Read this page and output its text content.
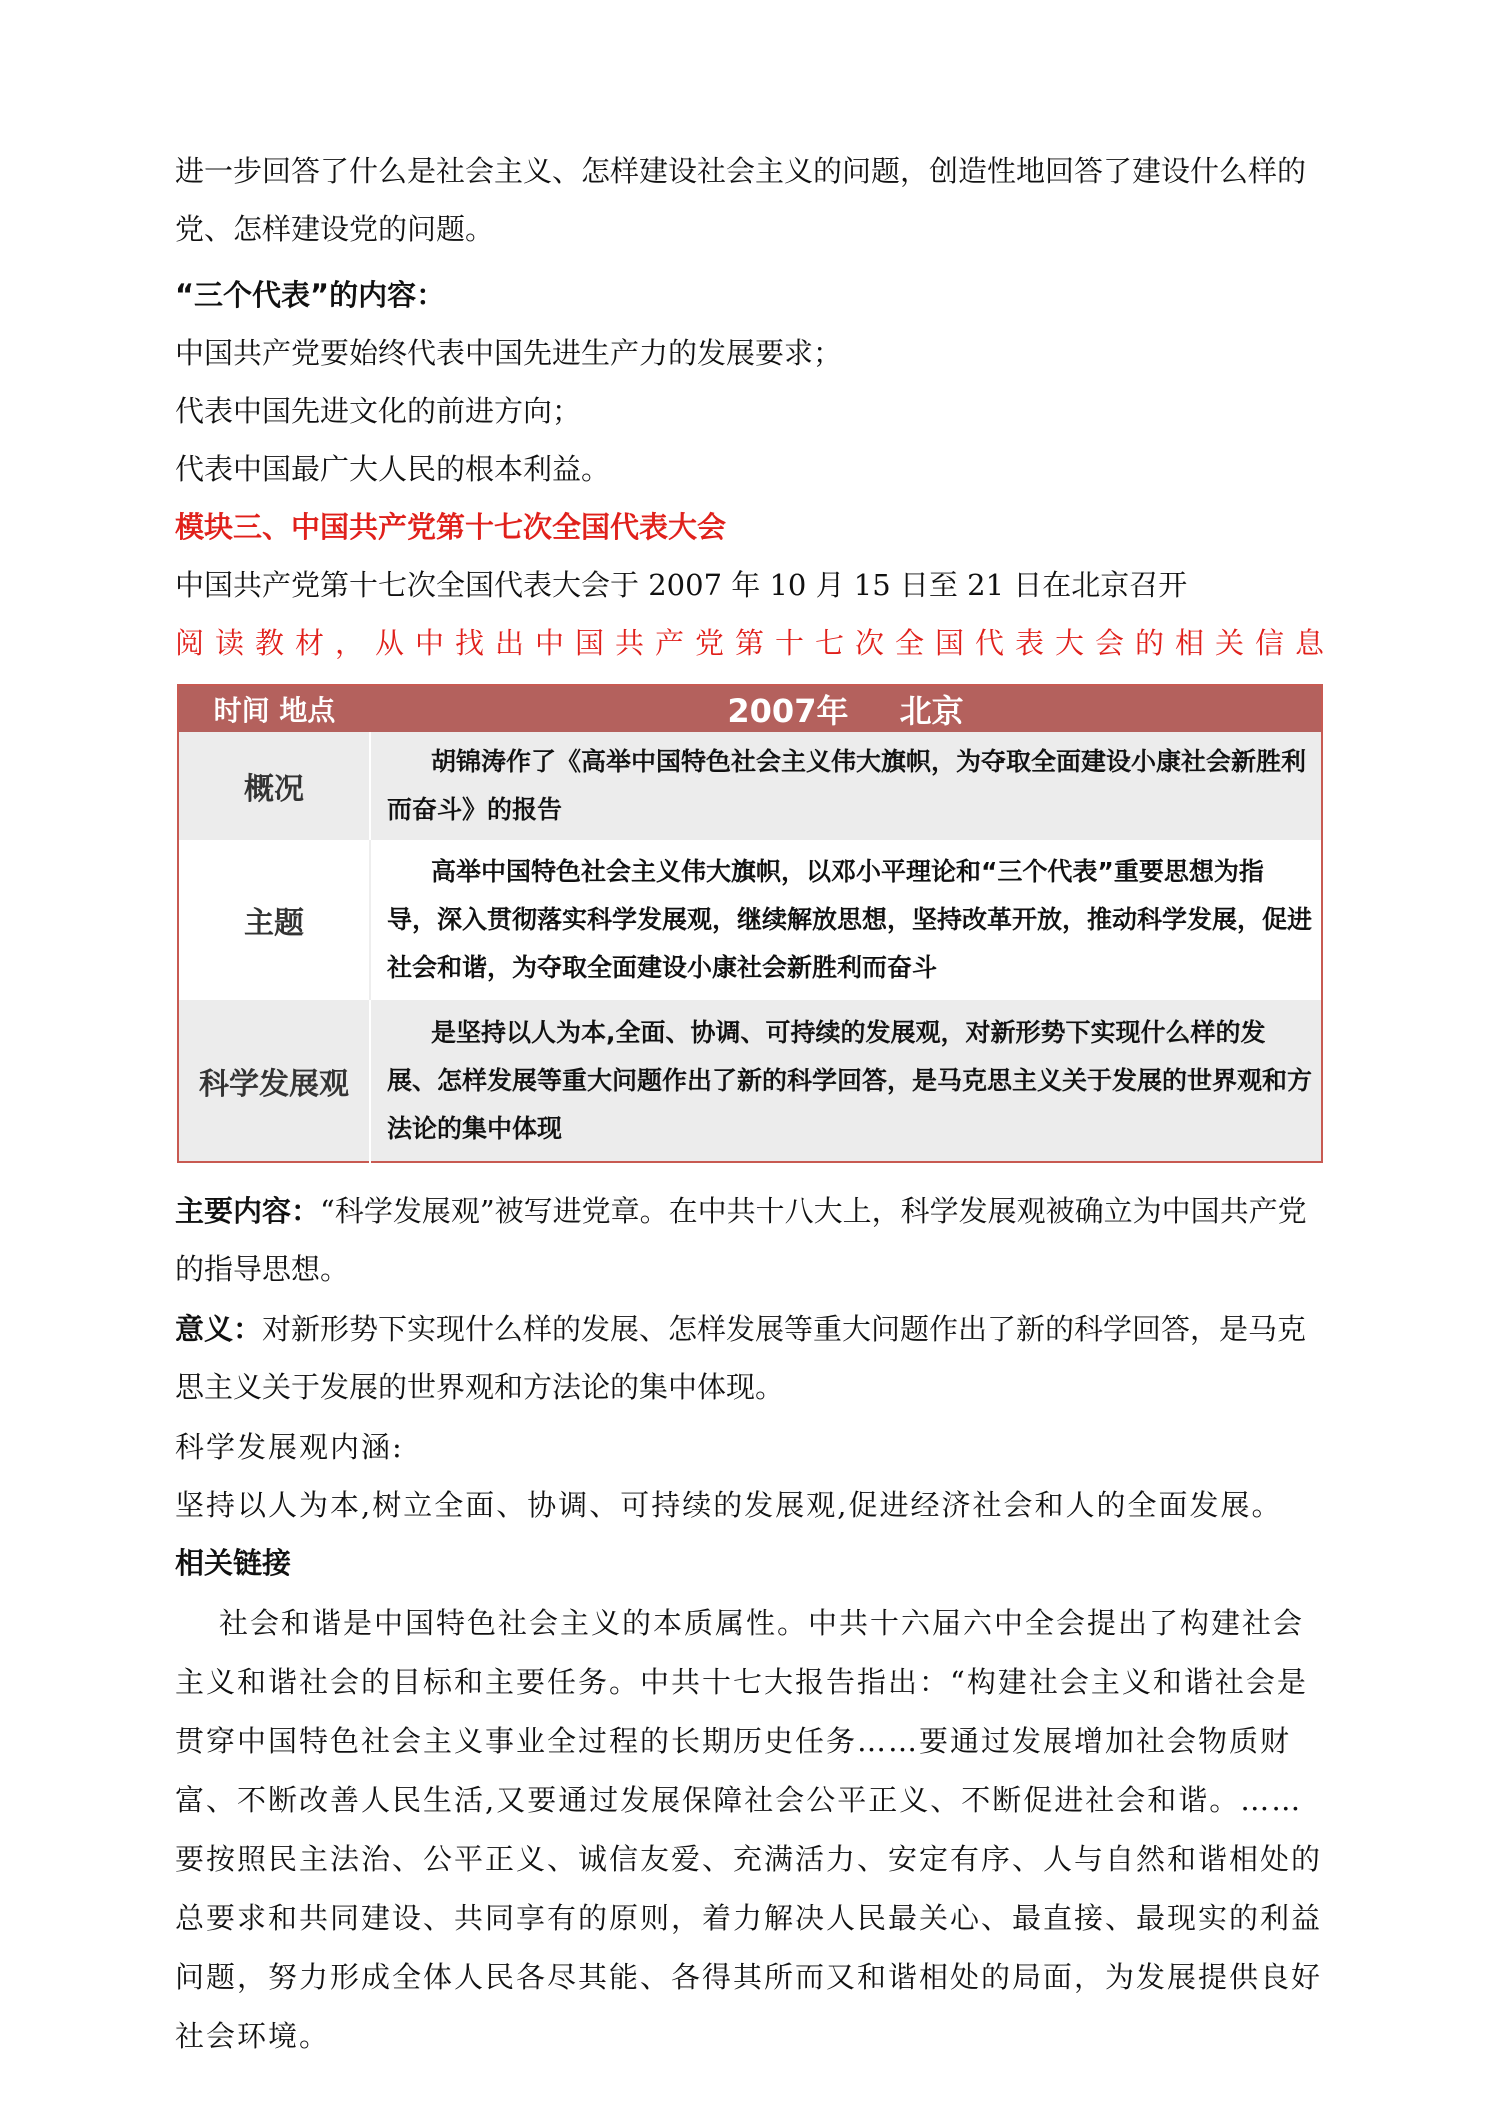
进一步回答了什么是社会主义、怎样建设社会主义的问题，创造性地回答了建设什么样的党、怎样建设党的问题。

“三个代表”的内容：

中国共产党要始终代表中国先进生产力的发展要求；

代表中国先进文化的前进方向；

代表中国最广大人民的根本利益。

模块三、中国共产党第十七次全国代表大会

中国共产党第十七次全国代表大会于 2007 年 10 月 15 日至 21 日在北京召开

阅读教材，从中找出中国共产党第十七次全国代表大会的相关信息

时间 地点	2007年 北京
概况	胡锦涛作了《高举中国特色社会主义伟大旗帜，为夺取全面建设小康社会新胜利而奋斗》的报告
主题	高举中国特色社会主义伟大旗帜，以邓小平理论和“三个代表”重要思想为指导，深入贯彻落实科学发展观，继续解放思想，坚持改革开放，推动科学发展，促进社会和谐，为夺取全面建设小康社会新胜利而奋斗
科学发展观	是坚持以人为本,全面、协调、可持续的发展观，对新形势下实现什么样的发展、怎样发展等重大问题作出了新的科学回答，是马克思主义关于发展的世界观和方法论的集中体现

主要内容：“科学发展观”被写进党章。在中共十八大上，科学发展观被确立为中国共产党的指导思想。

意义：对新形势下实现什么样的发展、怎样发展等重大问题作出了新的科学回答，是马克思主义关于发展的世界观和方法论的集中体现。

科学发展观内涵:

坚持以人为本,树立全面、协调、可持续的发展观,促进经济社会和人的全面发展。

相关链接

社会和谐是中国特色社会主义的本质属性。中共十六届六中全会提出了构建社会主义和谐社会的目标和主要任务。中共十七大报告指出：“构建社会主义和谐社会是贯穿中国特色社会主义事业全过程的长期历史任务……要通过发展增加社会物质财富、不断改善人民生活,又要通过发展保障社会公平正义、不断促进社会和谐。……要按照民主法治、公平正义、诚信友爱、充满活力、安定有序、人与自然和谐相处的总要求和共同建设、共同享有的原则，着力解决人民最关心、最直接、最现实的利益问题，努力形成全体人民各尽其能、各得其所而又和谐相处的局面，为发展提供良好社会环境。
